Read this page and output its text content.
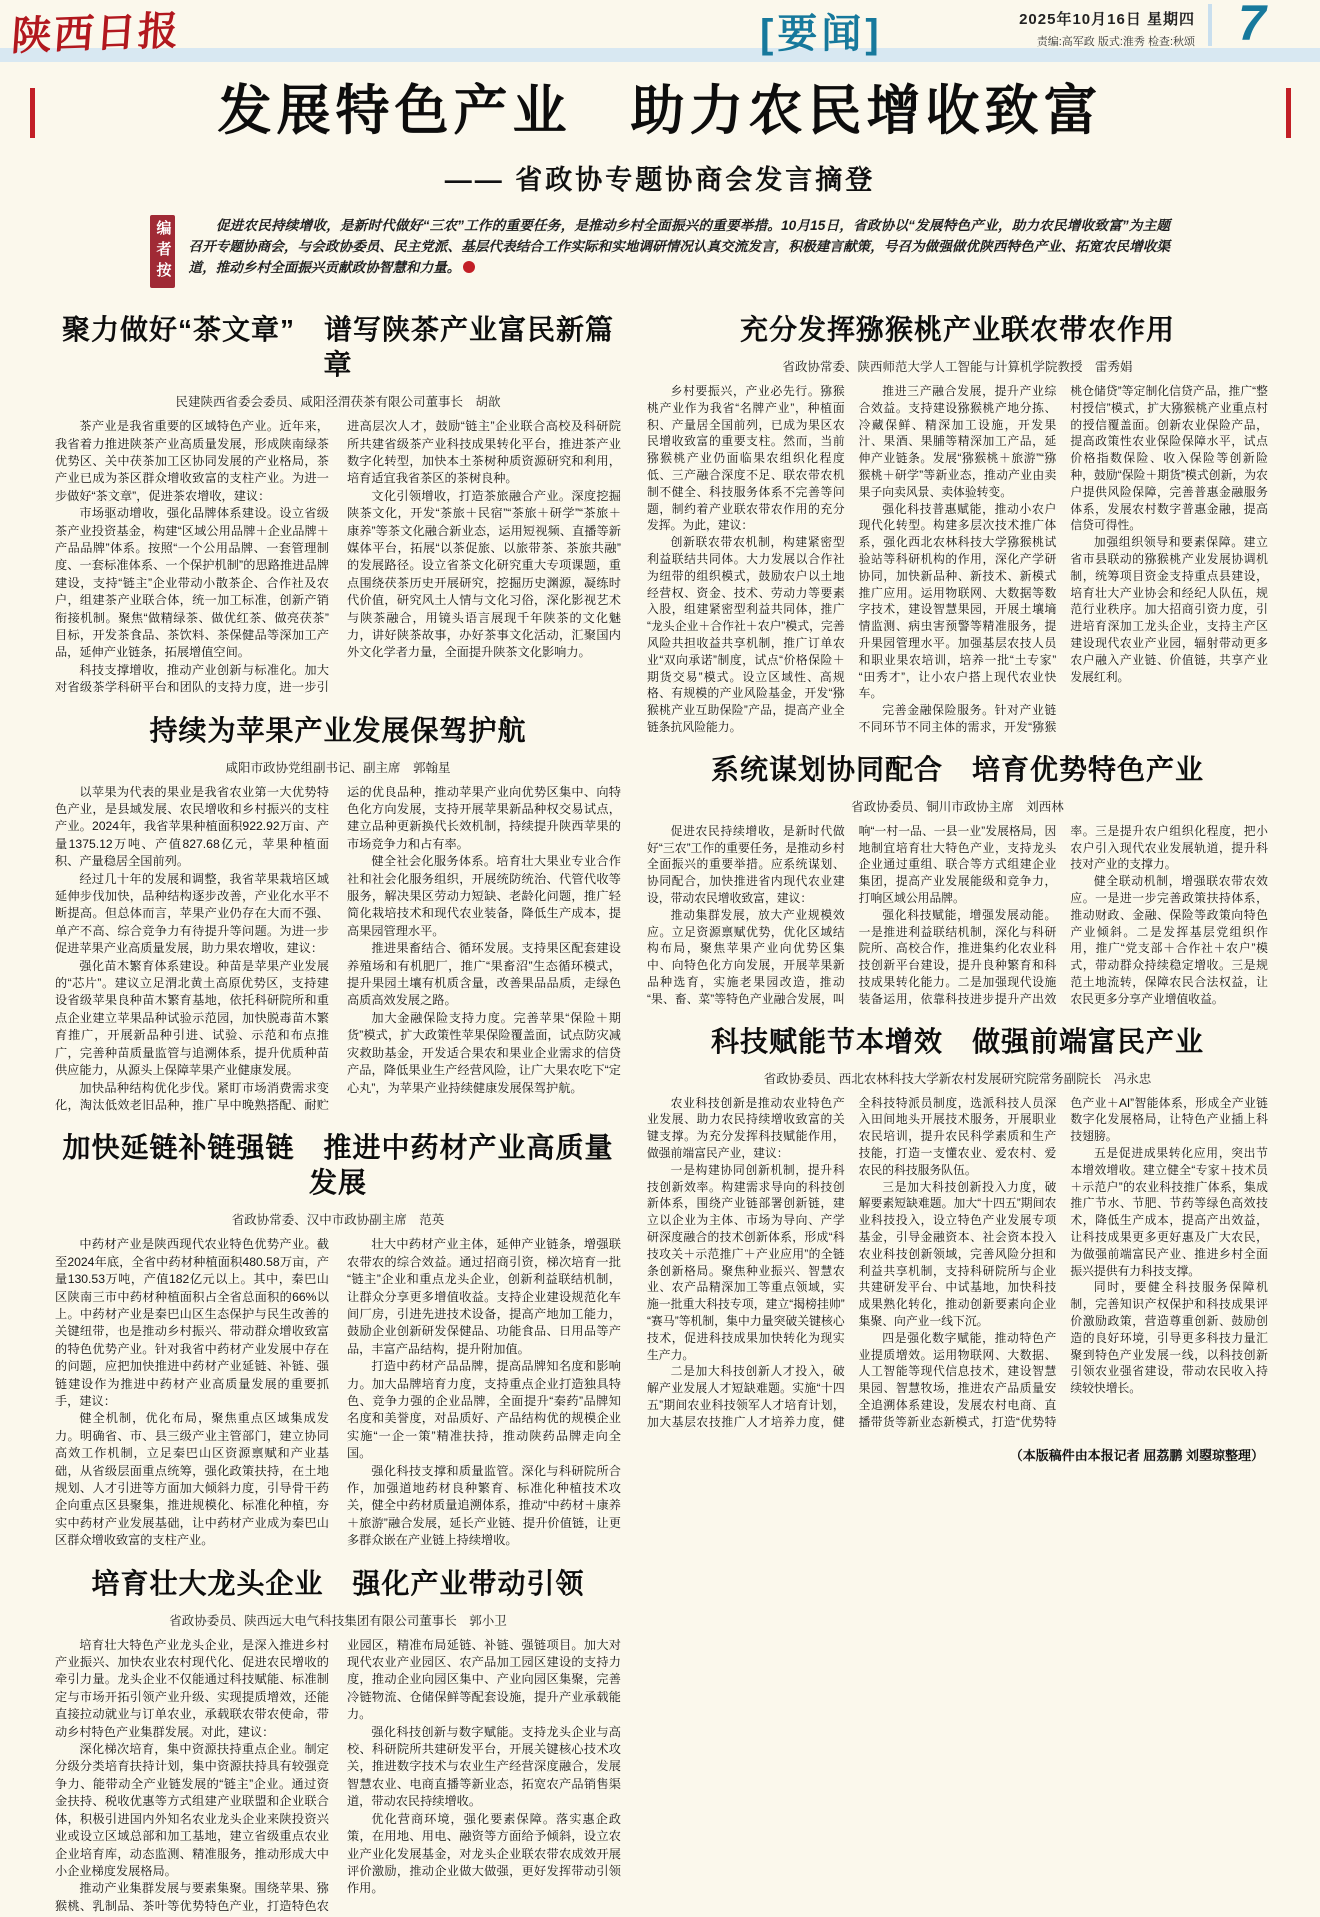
陕西日报	[要闻]	2025年10月16日 星期四
责编:高军政 版式:淮秀 检查:秋颂 7
发展特色产业　助力农民增收致富
—— 省政协专题协商会发言摘登
编者按	促进农民持续增收，是新时代做好“三农”工作的重要任务，是推动乡村全面振兴的重要举措。10月15日，省政协以“发展特色产业，助力农民增收致富”为主题召开专题协商会，与会政协委员、民主党派、基层代表结合工作实际和实地调研情况认真交流发言，积极建言献策，号召为做强做优陕西特色产业、拓宽农民增收渠道，推动乡村全面振兴贡献政协智慧和力量。
聚力做好“茶文章”　谱写陕茶产业富民新篇章
民建陕西省委会委员、咸阳泾渭茯茶有限公司董事长　胡歆

茶产业是我省重要的区域特色产业。近年来，我省着力推进陕茶产业高质量发展，形成陕南绿茶优势区、关中茯茶加工区协同发展的产业格局，茶产业已成为茶区群众增收致富的支柱产业。为进一步做好“茶文章”，促进茶农增收，建议：

市场驱动增收，强化品牌体系建设。设立省级茶产业投资基金，构建“区域公用品牌＋企业品牌＋产品品牌”体系。按照“一个公用品牌、一套管理制度、一套标准体系、一个保护机制”的思路推进品牌建设，支持“链主”企业带动小散茶企、合作社及农户，组建茶产业联合体，统一加工标准，创新产销衔接机制。聚焦“做精绿茶、做优红茶、做亮茯茶”目标，开发茶食品、茶饮料、茶保健品等深加工产品，延伸产业链条，拓展增值空间。

科技支撑增收，推动产业创新与标准化。加大对省级茶学科研平台和团队的支持力度，进一步引进高层次人才，鼓励“链主”企业联合高校及科研院所共建省级茶产业科技成果转化平台，推进茶产业数字化转型，加快本土茶树种质资源研究和利用，培育适宜我省茶区的茶树良种。

文化引领增收，打造茶旅融合产业。深度挖掘陕茶文化，开发“茶旅＋民宿”“茶旅＋研学”“茶旅＋康养”等茶文化融合新业态，运用短视频、直播等新媒体平台，拓展“以茶促旅、以旅带茶、茶旅共融”的发展路径。设立省茶文化研究重大专项课题，重点围绕茯茶历史开展研究，挖掘历史渊源，凝练时代价值，研究风土人情与文化习俗，深化影视艺术与陕茶融合，用镜头语言展现千年陕茶的文化魅力，讲好陕茶故事，办好茶事文化活动，汇聚国内外文化学者力量，全面提升陕茶文化影响力。

持续为苹果产业发展保驾护航
咸阳市政协党组副书记、副主席　郭翰星

以苹果为代表的果业是我省农业第一大优势特色产业，是县域发展、农民增收和乡村振兴的支柱产业。2024年，我省苹果种植面积922.92万亩、产量1375.12万吨、产值827.68亿元，苹果种植面积、产量稳居全国前列。

经过几十年的发展和调整，我省苹果栽培区域延伸步伐加快，品种结构逐步改善，产业化水平不断提高。但总体而言，苹果产业仍存在大而不强、单产不高、综合竞争力有待提升等问题。为进一步促进苹果产业高质量发展，助力果农增收，建议：

强化苗木繁育体系建设。种苗是苹果产业发展的“芯片”。建议立足渭北黄土高原优势区，支持建设省级苹果良种苗木繁育基地，依托科研院所和重点企业建立苹果品种试验示范园，加快脱毒苗木繁育推广，开展新品种引进、试验、示范和布点推广，完善种苗质量监管与追溯体系，提升优质种苗供应能力，从源头上保障苹果产业健康发展。

加快品种结构优化步伐。紧盯市场消费需求变化，淘汰低效老旧品种，推广早中晚熟搭配、耐贮运的优良品种，推动苹果产业向优势区集中、向特色化方向发展，支持开展苹果新品种权交易试点，建立品种更新换代长效机制，持续提升陕西苹果的市场竞争力和占有率。

健全社会化服务体系。培育壮大果业专业合作社和社会化服务组织，开展统防统治、代管代收等服务，解决果区劳动力短缺、老龄化问题，推广轻简化栽培技术和现代农业装备，降低生产成本，提高果园管理水平。

推进果畜结合、循环发展。支持果区配套建设养殖场和有机肥厂，推广“果畜沼”生态循环模式，提升果园土壤有机质含量，改善果品品质，走绿色高质高效发展之路。

加大金融保险支持力度。完善苹果“保险＋期货”模式，扩大政策性苹果保险覆盖面，试点防灾减灾救助基金，开发适合果农和果业企业需求的信贷产品，降低果业生产经营风险，让广大果农吃下“定心丸”，为苹果产业持续健康发展保驾护航。

加快延链补链强链　推进中药材产业高质量发展
省政协常委、汉中市政协副主席　范英

中药材产业是陕西现代农业特色优势产业。截至2024年底，全省中药材种植面积480.58万亩，产量130.53万吨，产值182亿元以上。其中，秦巴山区陕南三市中药材种植面积占全省总面积的66%以上。中药材产业是秦巴山区生态保护与民生改善的关键纽带，也是推动乡村振兴、带动群众增收致富的特色优势产业。针对我省中药材产业发展中存在的问题，应把加快推进中药材产业延链、补链、强链建设作为推进中药材产业高质量发展的重要抓手，建议：

健全机制，优化布局，聚焦重点区域集成发力。明确省、市、县三级产业主管部门，建立协同高效工作机制，立足秦巴山区资源禀赋和产业基础，从省级层面重点统筹，强化政策扶持，在土地规划、人才引进等方面加大倾斜力度，引导骨干药企向重点区县聚集，推进规模化、标准化种植，夯实中药材产业发展基础，让中药材产业成为秦巴山区群众增收致富的支柱产业。

壮大中药材产业主体，延伸产业链条，增强联农带农的综合效益。通过招商引资，梯次培育一批“链主”企业和重点龙头企业，创新利益联结机制，让群众分享更多增值收益。支持企业建设规范化车间厂房，引进先进技术设备，提高产地加工能力，鼓励企业创新研发保健品、功能食品、日用品等产品，丰富产品结构，提升附加值。

打造中药材产品品牌，提高品牌知名度和影响力。加大品牌培育力度，支持重点企业打造独具特色、竞争力强的企业品牌，全面提升“秦药”品牌知名度和美誉度，对品质好、产品结构优的规模企业实施“一企一策”精准扶持，推动陕药品牌走向全国。

强化科技支撑和质量监管。深化与科研院所合作，加强道地药材良种繁育、标准化种植技术攻关，健全中药材质量追溯体系，推动“中药材＋康养＋旅游”融合发展，延长产业链、提升价值链，让更多群众嵌在产业链上持续增收。

培育壮大龙头企业　强化产业带动引领
省政协委员、陕西远大电气科技集团有限公司董事长　郭小卫

培育壮大特色产业龙头企业，是深入推进乡村产业振兴、加快农业农村现代化、促进农民增收的牵引力量。龙头企业不仅能通过科技赋能、标准制定与市场开拓引领产业升级、实现提质增效，还能直接拉动就业与订单农业，承载联农带农使命，带动乡村特色产业集群发展。对此，建议：

深化梯次培育，集中资源扶持重点企业。制定分级分类培育扶持计划，集中资源扶持具有较强竞争力、能带动全产业链发展的“链主”企业。通过资金扶持、税收优惠等方式组建产业联盟和企业联合体，积极引进国内外知名农业龙头企业来陕投资兴业或设立区域总部和加工基地，建立省级重点农业企业培育库，动态监测、精准服务，推动形成大中小企业梯度发展格局。

推动产业集群发展与要素集聚。围绕苹果、猕猴桃、乳制品、茶叶等优势特色产业，打造特色农业园区，精准布局延链、补链、强链项目。加大对现代农业产业园区、农产品加工园区建设的支持力度，推动企业向园区集中、产业向园区集聚，完善冷链物流、仓储保鲜等配套设施，提升产业承载能力。

强化科技创新与数字赋能。支持龙头企业与高校、科研院所共建研发平台，开展关键核心技术攻关，推进数字技术与农业生产经营深度融合，发展智慧农业、电商直播等新业态，拓宽农产品销售渠道，带动农民持续增收。

优化营商环境，强化要素保障。落实惠企政策，在用地、用电、融资等方面给予倾斜，设立农业产业化发展基金，对龙头企业联农带农成效开展评价激励，推动企业做大做强，更好发挥带动引领作用。

充分发挥猕猴桃产业联农带农作用
省政协常委、陕西师范大学人工智能与计算机学院教授　雷秀娟

乡村要振兴，产业必先行。猕猴桃产业作为我省“名牌产业”，种植面积、产量居全国前列，已成为果区农民增收致富的重要支柱。然而，当前猕猴桃产业仍面临果农组织化程度低、三产融合深度不足、联农带农机制不健全、科技服务体系不完善等问题，制约着产业联农带农作用的充分发挥。为此，建议：

创新联农带农机制，构建紧密型利益联结共同体。大力发展以合作社为纽带的组织模式，鼓励农户以土地经营权、资金、技术、劳动力等要素入股，组建紧密型利益共同体，推广“龙头企业＋合作社＋农户”模式，完善风险共担收益共享机制，推广订单农业“双向承诺”制度，试点“价格保险＋期货交易”模式。设立区域性、高规格、有规模的产业风险基金，开发“猕猴桃产业互助保险”产品，提高产业全链条抗风险能力。

推进三产融合发展，提升产业综合效益。支持建设猕猴桃产地分拣、冷藏保鲜、精深加工设施，开发果汁、果酒、果脯等精深加工产品，延伸产业链条。发展“猕猴桃＋旅游”“猕猴桃＋研学”等新业态，推动产业由卖果子向卖风景、卖体验转变。

强化科技普惠赋能，推动小农户现代化转型。构建多层次技术推广体系，强化西北农林科技大学猕猴桃试验站等科研机构的作用，深化产学研协同，加快新品种、新技术、新模式推广应用。运用物联网、大数据等数字技术，建设智慧果园，开展土壤墒情监测、病虫害预警等精准服务，提升果园管理水平。加强基层农技人员和职业果农培训，培养一批“土专家”“田秀才”，让小农户搭上现代农业快车。

完善金融保险服务。针对产业链不同环节不同主体的需求，开发“猕猴桃仓储贷”等定制化信贷产品，推广“整村授信”模式，扩大猕猴桃产业重点村的授信覆盖面。创新农业保险产品，提高政策性农业保险保障水平，试点价格指数保险、收入保险等创新险种，鼓励“保险＋期货”模式创新，为农户提供风险保障，完善普惠金融服务体系，发展农村数字普惠金融，提高信贷可得性。

加强组织领导和要素保障。建立省市县联动的猕猴桃产业发展协调机制，统筹项目资金支持重点县建设，培育壮大产业协会和经纪人队伍，规范行业秩序。加大招商引资力度，引进培育深加工龙头企业，支持主产区建设现代农业产业园，辐射带动更多农户融入产业链、价值链，共享产业发展红利。

系统谋划协同配合　培育优势特色产业
省政协委员、铜川市政协主席　刘西林

促进农民持续增收，是新时代做好“三农”工作的重要任务，是推动乡村全面振兴的重要举措。应系统谋划、协同配合，加快推进省内现代农业建设，带动农民增收致富，建议：

推动集群发展，放大产业规模效应。立足资源禀赋优势，优化区域结构布局，聚焦苹果产业向优势区集中、向特色化方向发展，开展苹果新品种选育，实施老果园改造，推动“果、畜、菜”等特色产业融合发展，叫响“一村一品、一县一业”发展格局，因地制宜培育壮大特色产业，支持龙头企业通过重组、联合等方式组建企业集团，提高产业发展能级和竞争力，打响区域公用品牌。

强化科技赋能，增强发展动能。一是推进利益联结机制，深化与科研院所、高校合作，推进集约化农业科技创新平台建设，提升良种繁育和科技成果转化能力。二是加强现代设施装备运用，依靠科技进步提升产出效率。三是提升农户组织化程度，把小农户引入现代农业发展轨道，提升科技对产业的支撑力。

健全联动机制，增强联农带农效应。一是进一步完善政策扶持体系，推动财政、金融、保险等政策向特色产业倾斜。二是发挥基层党组织作用，推广“党支部＋合作社＋农户”模式，带动群众持续稳定增收。三是规范土地流转，保障农民合法权益，让农民更多分享产业增值收益。

科技赋能节本增效　做强前端富民产业
省政协委员、西北农林科技大学新农村发展研究院常务副院长　冯永忠

农业科技创新是推动农业特色产业发展、助力农民持续增收致富的关键支撑。为充分发挥科技赋能作用，做强前端富民产业，建议：

一是构建协同创新机制，提升科技创新效率。构建需求导向的科技创新体系，围绕产业链部署创新链，建立以企业为主体、市场为导向、产学研深度融合的技术创新体系，形成“科技攻关＋示范推广＋产业应用”的全链条创新格局。聚焦种业振兴、智慧农业、农产品精深加工等重点领域，实施一批重大科技专项，建立“揭榜挂帅”“赛马”等机制，集中力量突破关键核心技术，促进科技成果加快转化为现实生产力。

二是加大科技创新人才投入，破解产业发展人才短缺难题。实施“十四五”期间农业科技领军人才培育计划，加大基层农技推广人才培养力度，健全科技特派员制度，选派科技人员深入田间地头开展技术服务，开展职业农民培训，提升农民科学素质和生产技能，打造一支懂农业、爱农村、爱农民的科技服务队伍。

三是加大科技创新投入力度，破解要素短缺难题。加大“十四五”期间农业科技投入，设立特色产业发展专项基金，引导金融资本、社会资本投入农业科技创新领域，完善风险分担和利益共享机制，支持科研院所与企业共建研发平台、中试基地，加快科技成果熟化转化，推动创新要素向企业集聚、向产业一线下沉。

四是强化数字赋能，推动特色产业提质增效。运用物联网、大数据、人工智能等现代信息技术，建设智慧果园、智慧牧场，推进农产品质量安全追溯体系建设，发展农村电商、直播带货等新业态新模式，打造“优势特色产业＋AI”智能体系，形成全产业链数字化发展格局，让特色产业插上科技翅膀。

五是促进成果转化应用，突出节本增效增收。建立健全“专家＋技术员＋示范户”的农业科技推广体系，集成推广节水、节肥、节药等绿色高效技术，降低生产成本，提高产出效益，让科技成果更多更好惠及广大农民，为做强前端富民产业、推进乡村全面振兴提供有力科技支撑。

同时，要健全科技服务保障机制，完善知识产权保护和科技成果评价激励政策，营造尊重创新、鼓励创造的良好环境，引导更多科技力量汇聚到特色产业发展一线，以科技创新引领农业强省建设，带动农民收入持续较快增长。

（本版稿件由本报记者 屈荔鹏 刘曌琼整理）
